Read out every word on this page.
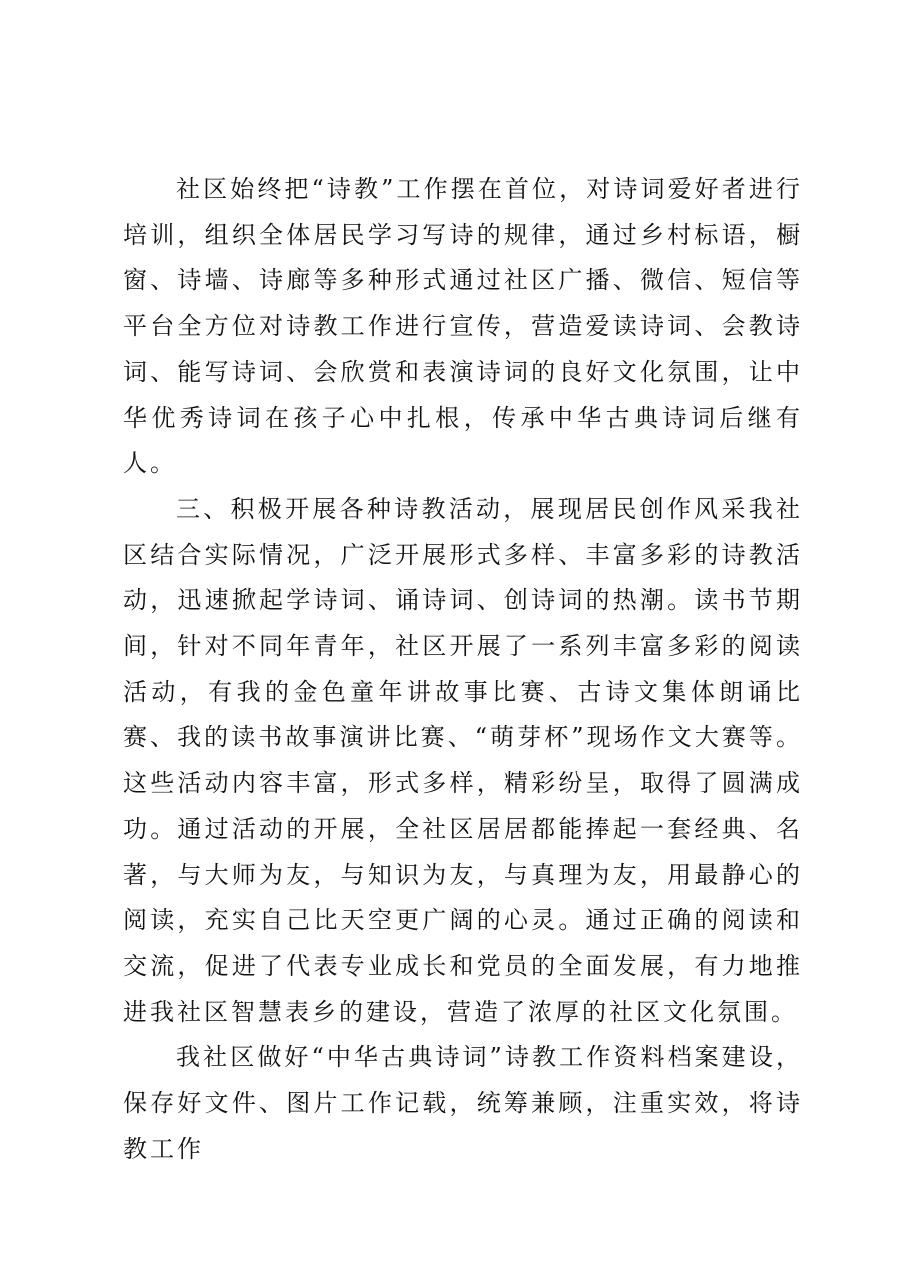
社区始终把“诗教”工作摆在首位，对诗词爱好者进行培训，组织全体居民学习写诗的规律，通过乡村标语，橱窗、诗墙、诗廊等多种形式通过社区广播、微信、短信等平台全方位对诗教工作进行宣传，营造爱读诗词、会教诗词、能写诗词、会欣赏和表演诗词的良好文化氛围，让中华优秀诗词在孩子心中扎根，传承中华古典诗词后继有人。

三、积极开展各种诗教活动，展现居民创作风采我社区结合实际情况，广泛开展形式多样、丰富多彩的诗教活动，迅速掀起学诗词、诵诗词、创诗词的热潮。读书节期间，针对不同年青年，社区开展了一系列丰富多彩的阅读活动，有我的金色童年讲故事比赛、古诗文集体朗诵比赛、我的读书故事演讲比赛、“萌芽杯”现场作文大赛等。这些活动内容丰富，形式多样，精彩纷呈，取得了圆满成功。通过活动的开展，全社区居居都能捧起一套经典、名著，与大师为友，与知识为友，与真理为友，用最静心的阅读，充实自己比天空更广阔的心灵。通过正确的阅读和交流，促进了代表专业成长和党员的全面发展，有力地推进我社区智慧表乡的建设，营造了浓厚的社区文化氛围。

我社区做好“中华古典诗词”诗教工作资料档案建设，保存好文件、图片工作记载，统筹兼顾，注重实效，将诗教工作
